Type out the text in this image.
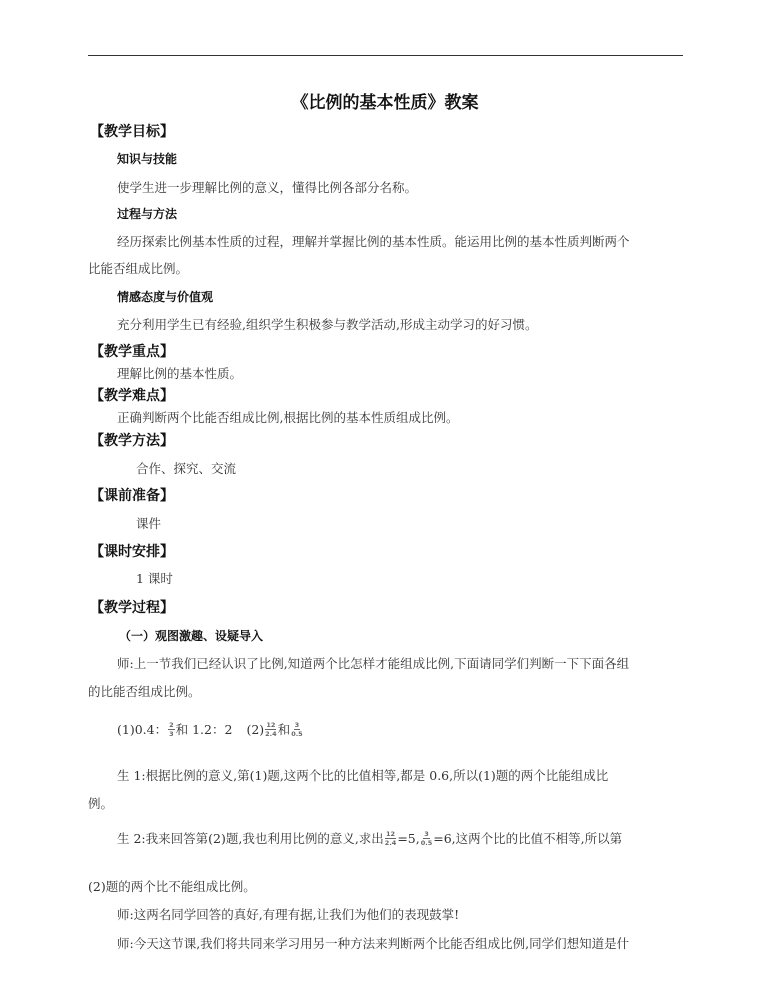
《比例的基本性质》教案
【教学目标】
知识与技能
使学生进一步理解比例的意义，懂得比例各部分名称。
过程与方法
经历探索比例基本性质的过程，理解并掌握比例的基本性质。能运用比例的基本性质判断两个
比能否组成比例。
情感态度与价值观
充分利用学生已有经验,组织学生积极参与教学活动,形成主动学习的好习惯。
【教学重点】
理解比例的基本性质。
【教学难点】
正确判断两个比能否组成比例,根据比例的基本性质组成比例。
【教学方法】
合作、探究、交流
【课前准备】
课件
【课时安排】
1 课时
【教学过程】
（一）观图激趣、设疑导入
师:上一节我们已经认识了比例,知道两个比怎样才能组成比例,下面请同学们判断一下下面各组
的比能否组成比例。
(1)0.4： $\frac{2}{3}$ 和 1.2：2 $(2) \frac{12}{2.4}$ 和 $\frac{3}{0.5}$
生 1:根据比例的意义,第(1)题,这两个比的比值相等,都是 0.6,所以(1)题的两个比能组成比
例。
生 2:我来回答第(2)题,我也利用比例的意义,求出 $\frac{12}{2.4} =5$, $\frac{3}{0.5} =6$,这两个比的比值不相等,所以第
(2)题的两个比不能组成比例。
师:这两名同学回答的真好,有理有据,让我们为他们的表现鼓掌!
师:今天这节课,我们将共同来学习用另一种方法来判断两个比能否组成比例,同学们想知道是什
